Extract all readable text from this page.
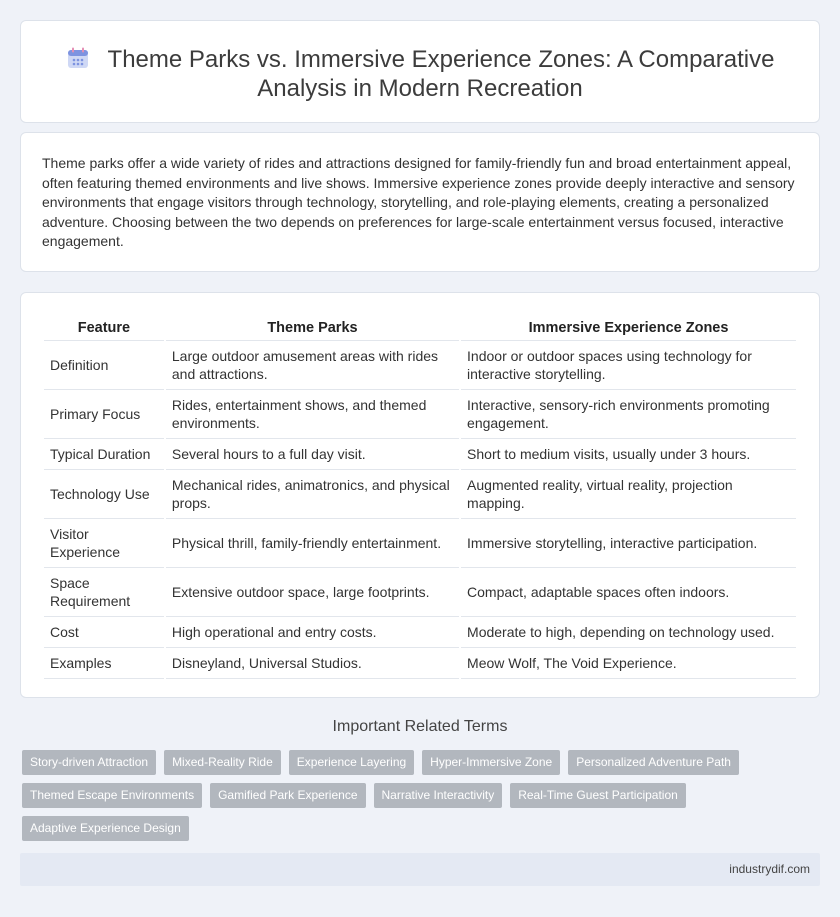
Theme Parks vs. Immersive Experience Zones: A Comparative Analysis in Modern Recreation

Theme parks offer a wide variety of rides and attractions designed for family-friendly fun and broad entertainment appeal, often featuring themed environments and live shows. Immersive experience zones provide deeply interactive and sensory environments that engage visitors through technology, storytelling, and role-playing elements, creating a personalized adventure. Choosing between the two depends on preferences for large-scale entertainment versus focused, interactive engagement.

Feature	Theme Parks	Immersive Experience Zones
Definition	Large outdoor amusement areas with rides and attractions.	Indoor or outdoor spaces using technology for interactive storytelling.
Primary Focus	Rides, entertainment shows, and themed environments.	Interactive, sensory-rich environments promoting engagement.
Typical Duration	Several hours to a full day visit.	Short to medium visits, usually under 3 hours.
Technology Use	Mechanical rides, animatronics, and physical props.	Augmented reality, virtual reality, projection mapping.
Visitor Experience	Physical thrill, family-friendly entertainment.	Immersive storytelling, interactive participation.
Space Requirement	Extensive outdoor space, large footprints.	Compact, adaptable spaces often indoors.
Cost	High operational and entry costs.	Moderate to high, depending on technology used.
Examples	Disneyland, Universal Studios.	Meow Wolf, The Void Experience.
Important Related Terms
Story-driven Attraction	Mixed-Reality Ride	Experience Layering	Hyper-Immersive Zone	Personalized Adventure Path
Themed Escape Environments	Gamified Park Experience	Narrative Interactivity	Real-Time Guest Participation
Adaptive Experience Design
industrydif.com
